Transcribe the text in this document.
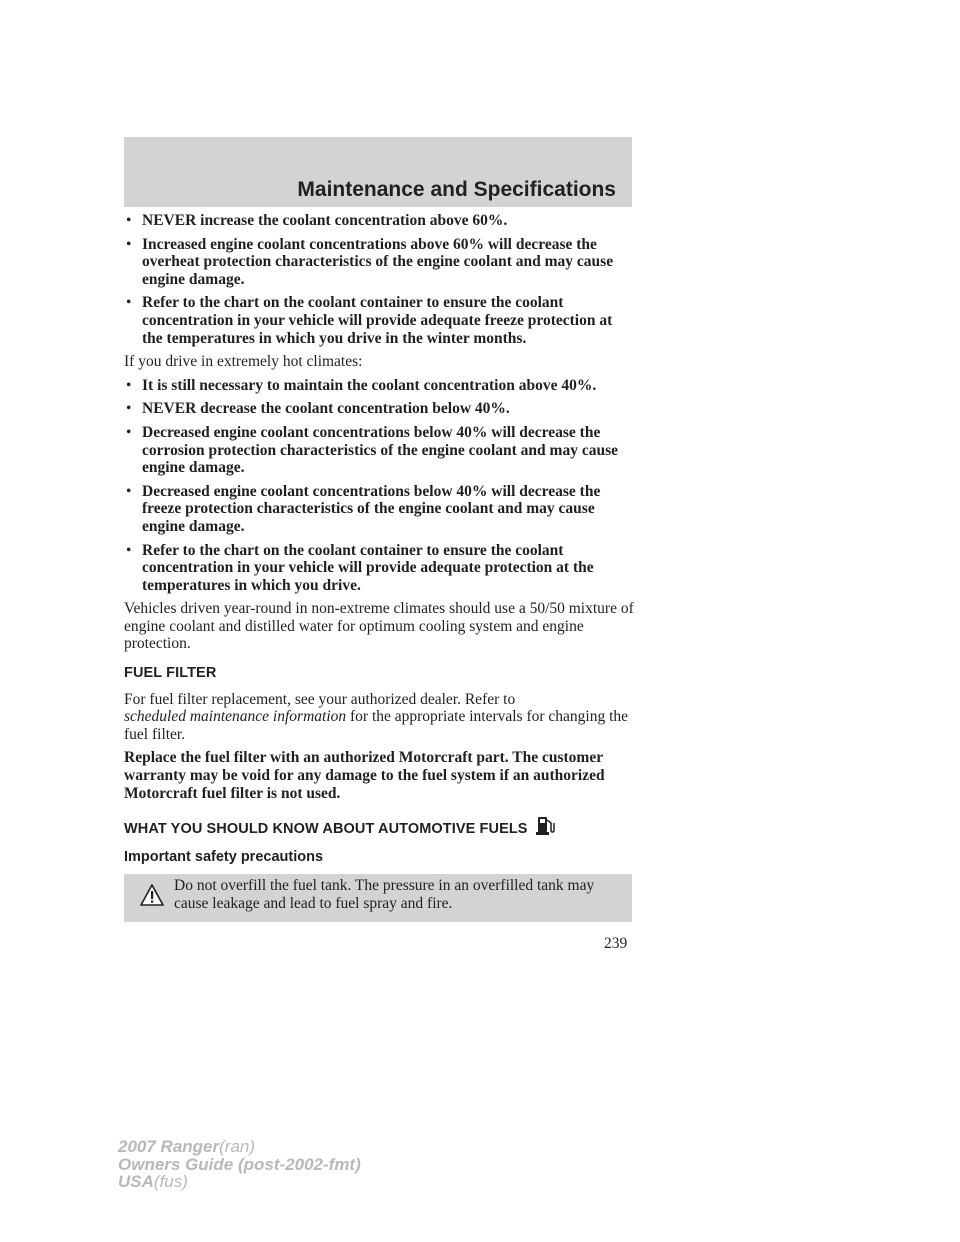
Maintenance and Specifications
• NEVER increase the coolant concentration above 60%.
• Increased engine coolant concentrations above 60% will decrease the overheat protection characteristics of the engine coolant and may cause engine damage.
• Refer to the chart on the coolant container to ensure the coolant concentration in your vehicle will provide adequate freeze protection at the temperatures in which you drive in the winter months.

If you drive in extremely hot climates:

• It is still necessary to maintain the coolant concentration above 40%.
• NEVER decrease the coolant concentration below 40%.
• Decreased engine coolant concentrations below 40% will decrease the corrosion protection characteristics of the engine coolant and may cause engine damage.
• Decreased engine coolant concentrations below 40% will decrease the freeze protection characteristics of the engine coolant and may cause engine damage.
• Refer to the chart on the coolant container to ensure the coolant concentration in your vehicle will provide adequate protection at the temperatures in which you drive.

Vehicles driven year-round in non-extreme climates should use a 50/50 mixture of engine coolant and distilled water for optimum cooling system and engine protection.

FUEL FILTER

For fuel filter replacement, see your authorized dealer. Refer to
scheduled maintenance information for the appropriate intervals for changing the fuel filter.

Replace the fuel filter with an authorized Motorcraft part. The customer warranty may be void for any damage to the fuel system if an authorized Motorcraft fuel filter is not used.

WHAT YOU SHOULD KNOW ABOUT AUTOMOTIVE FUELS
Important safety precautions
Do not overfill the fuel tank. The pressure in an overfilled tank may cause leakage and lead to fuel spray and fire.
239
2007 Ranger(ran)
Owners Guide (post-2002-fmt)
USA(fus)
